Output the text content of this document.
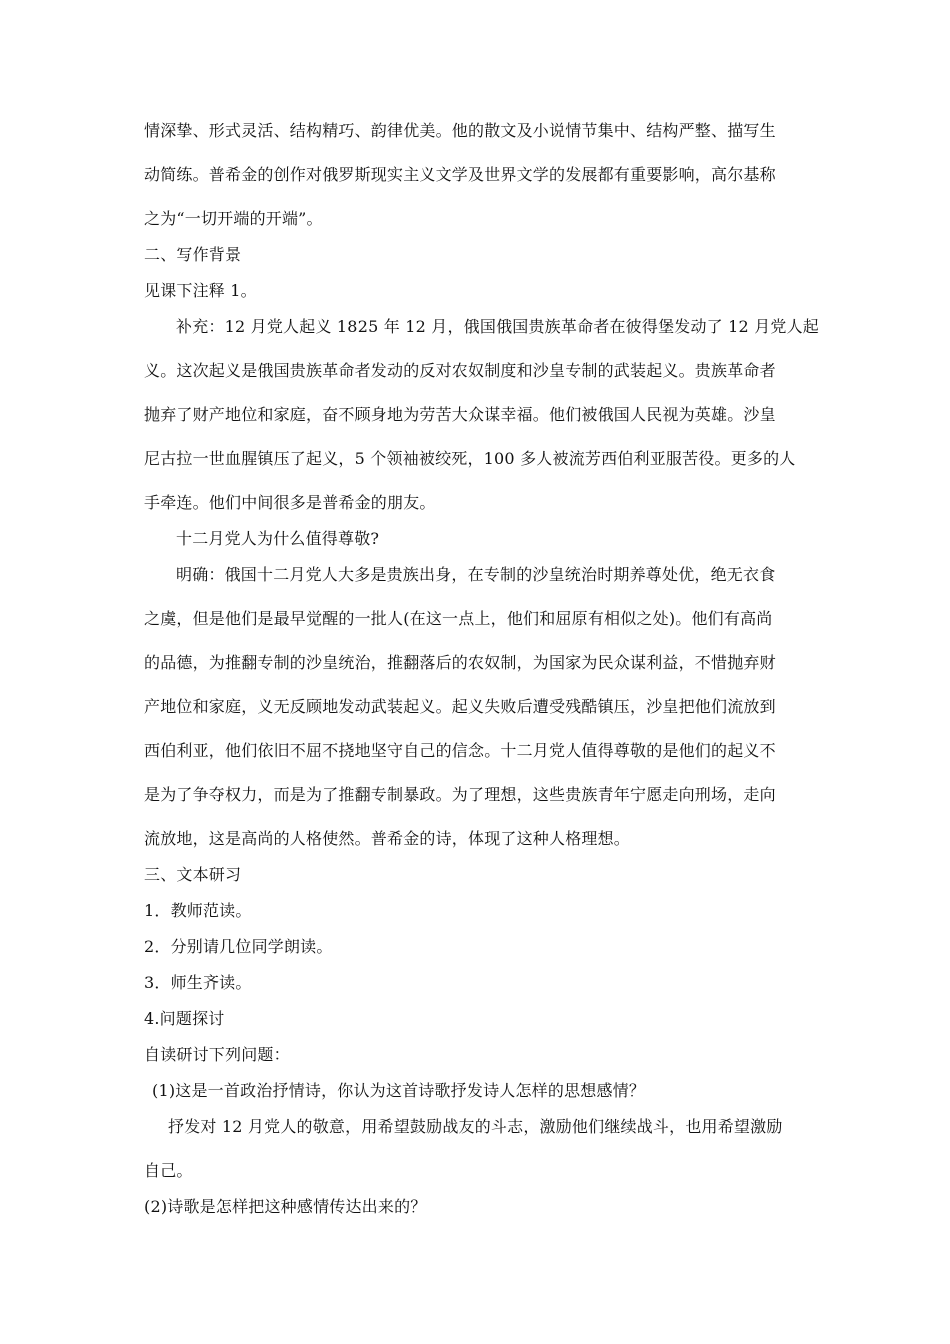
情深挚、形式灵活、结构精巧、韵律优美。他的散文及小说情节集中、结构严整、描写生
动简练。普希金的创作对俄罗斯现实主义文学及世界文学的发展都有重要影响，高尔基称
之为“一切开端的开端”。
二、写作背景
见课下注释 1。
补充：12 月党人起义 1825 年 12 月，俄国俄国贵族革命者在彼得堡发动了 12 月党人起
义。这次起义是俄国贵族革命者发动的反对农奴制度和沙皇专制的武装起义。贵族革命者
抛弃了财产地位和家庭，奋不顾身地为劳苦大众谋幸福。他们被俄国人民视为英雄。沙皇
尼古拉一世血腥镇压了起义，5 个领袖被绞死，100 多人被流芳西伯利亚服苦役。更多的人
手牵连。他们中间很多是普希金的朋友。
十二月党人为什么值得尊敬?
明确：俄国十二月党人大多是贵族出身，在专制的沙皇统治时期养尊处优，绝无衣食
之虞，但是他们是最早觉醒的一批人(在这一点上，他们和屈原有相似之处)。他们有高尚
的品德，为推翻专制的沙皇统治，推翻落后的农奴制，为国家为民众谋利益，不惜抛弃财
产地位和家庭，义无反顾地发动武装起义。起义失败后遭受残酷镇压，沙皇把他们流放到
西伯利亚，他们依旧不屈不挠地坚守自己的信念。十二月党人值得尊敬的是他们的起义不
是为了争夺权力，而是为了推翻专制暴政。为了理想，这些贵族青年宁愿走向刑场，走向
流放地，这是高尚的人格使然。普希金的诗，体现了这种人格理想。
三、文本研习
1．教师范读。
2．分别请几位同学朗读。
3．师生齐读。
4.问题探讨
自读研讨下列问题：
(1)这是一首政治抒情诗，你认为这首诗歌抒发诗人怎样的思想感情？
抒发对 12 月党人的敬意，用希望鼓励战友的斗志，激励他们继续战斗，也用希望激励
自己。
(2)诗歌是怎样把这种感情传达出来的？
